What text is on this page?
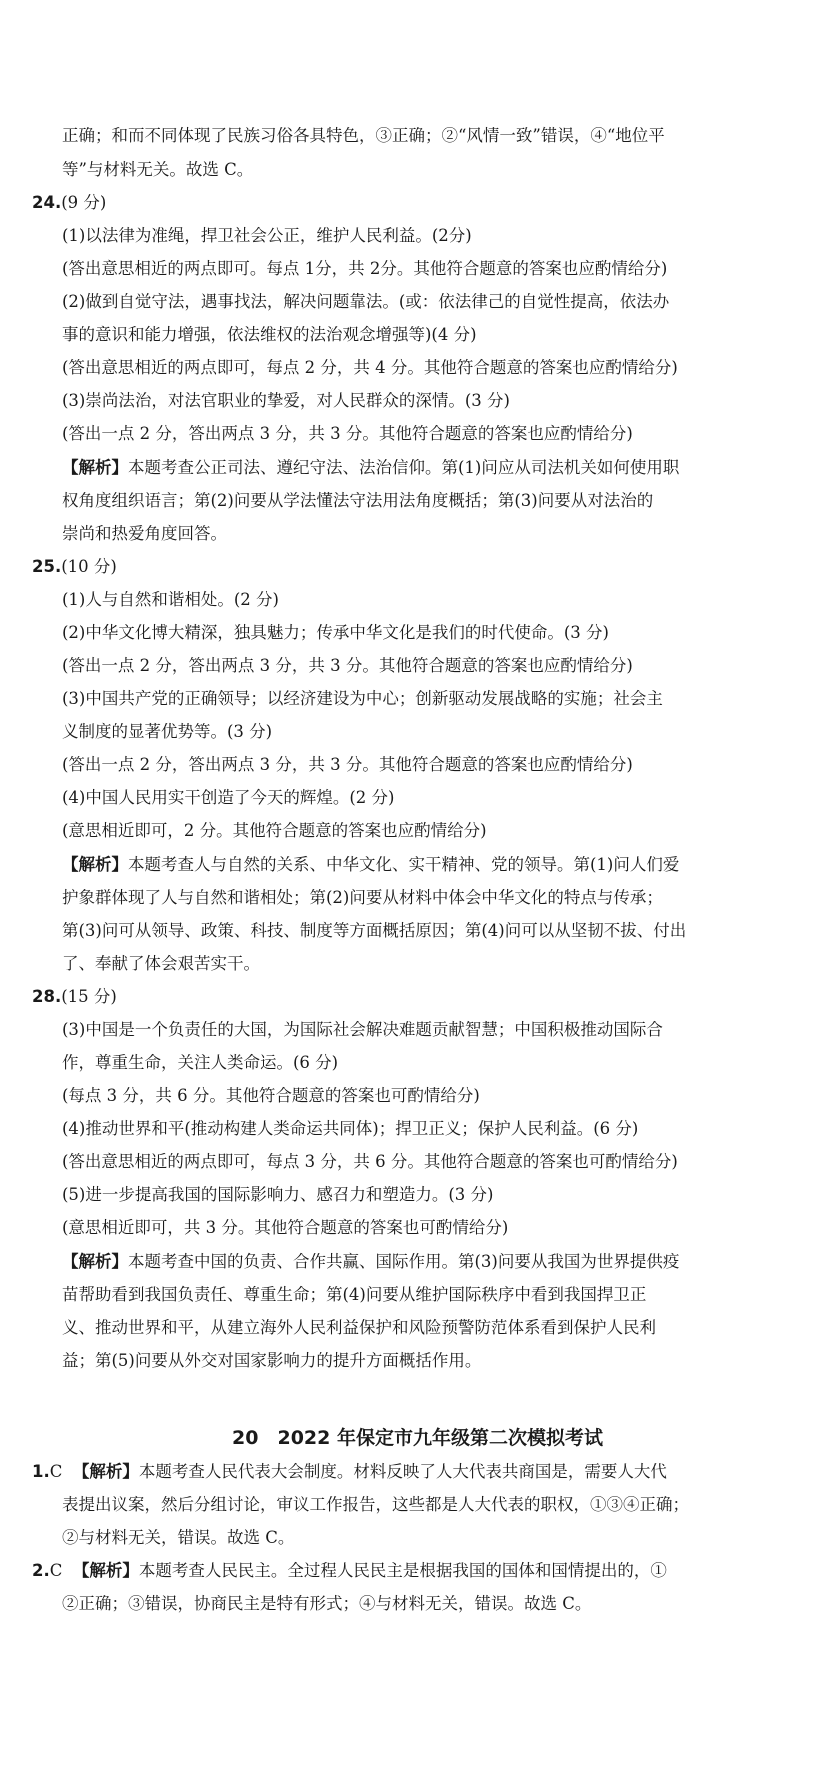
正确；和而不同体现了民族习俗各具特色，③正确；②“风情一致”错误，④“地位平
等”与材料无关。故选 C。
24.(9 分)
(1)以法律为准绳，捍卫社会公正，维护人民利益。(2分)
(答出意思相近的两点即可。每点 1分，共 2分。其他符合题意的答案也应酌情给分)
(2)做到自觉守法，遇事找法，解决问题靠法。(或：依法律己的自觉性提高，依法办
事的意识和能力增强，依法维权的法治观念增强等)(4 分)
(答出意思相近的两点即可，每点 2 分，共 4 分。其他符合题意的答案也应酌情给分)
(3)崇尚法治，对法官职业的挚爱，对人民群众的深情。(3 分)
(答出一点 2 分，答出两点 3 分，共 3 分。其他符合题意的答案也应酌情给分)
【解析】本题考查公正司法、遵纪守法、法治信仰。第(1)问应从司法机关如何使用职
权角度组织语言；第(2)问要从学法懂法守法用法角度概括；第(3)问要从对法治的
崇尚和热爱角度回答。
25.(10 分)
(1)人与自然和谐相处。(2 分)
(2)中华文化博大精深，独具魅力；传承中华文化是我们的时代使命。(3 分)
(答出一点 2 分，答出两点 3 分，共 3 分。其他符合题意的答案也应酌情给分)
(3)中国共产党的正确领导；以经济建设为中心；创新驱动发展战略的实施；社会主
义制度的显著优势等。(3 分)
(答出一点 2 分，答出两点 3 分，共 3 分。其他符合题意的答案也应酌情给分)
(4)中国人民用实干创造了今天的辉煌。(2 分)
(意思相近即可，2 分。其他符合题意的答案也应酌情给分)
【解析】本题考查人与自然的关系、中华文化、实干精神、党的领导。第(1)问人们爱
护象群体现了人与自然和谐相处；第(2)问要从材料中体会中华文化的特点与传承；
第(3)问可从领导、政策、科技、制度等方面概括原因；第(4)问可以从坚韧不拔、付出
了、奉献了体会艰苦实干。
28.(15 分)
(3)中国是一个负责任的大国，为国际社会解决难题贡献智慧；中国积极推动国际合
作，尊重生命，关注人类命运。(6 分)
(每点 3 分，共 6 分。其他符合题意的答案也可酌情给分)
(4)推动世界和平(推动构建人类命运共同体)；捍卫正义；保护人民利益。(6 分)
(答出意思相近的两点即可，每点 3 分，共 6 分。其他符合题意的答案也可酌情给分)
(5)进一步提高我国的国际影响力、感召力和塑造力。(3 分)
(意思相近即可，共 3 分。其他符合题意的答案也可酌情给分)
【解析】本题考查中国的负责、合作共赢、国际作用。第(3)问要从我国为世界提供疫
苗帮助看到我国负责任、尊重生命；第(4)问要从维护国际秩序中看到我国捍卫正
义、推动世界和平，从建立海外人民利益保护和风险预警防范体系看到保护人民利
益；第(5)问要从外交对国家影响力的提升方面概括作用。
20　2022 年保定市九年级第二次模拟考试
1.C 【解析】本题考查人民代表大会制度。材料反映了人大代表共商国是，需要人大代
表提出议案，然后分组讨论，审议工作报告，这些都是人大代表的职权，①③④正确；
②与材料无关，错误。故选 C。
2.C 【解析】本题考查人民民主。全过程人民民主是根据我国的国体和国情提出的，①
②正确；③错误，协商民主是特有形式；④与材料无关，错误。故选 C。
